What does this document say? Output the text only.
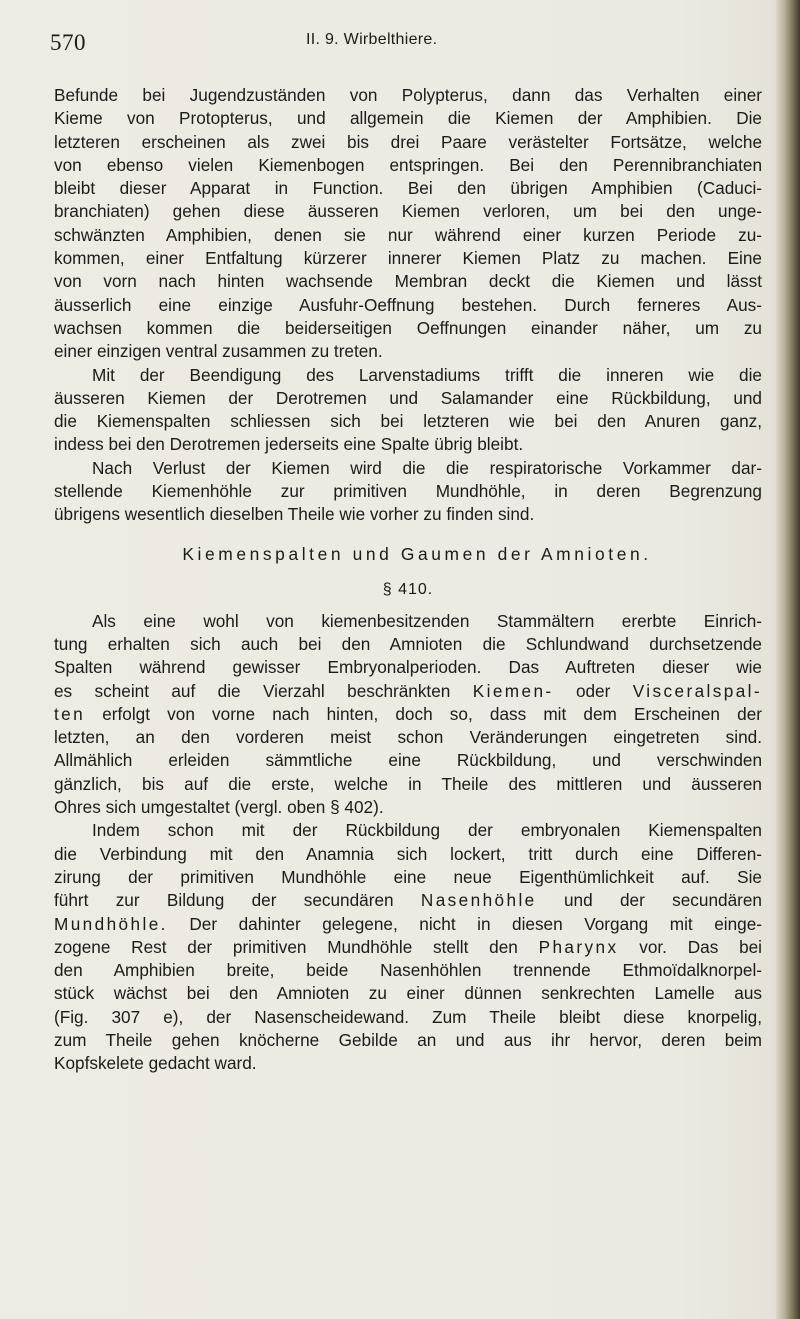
570	II. 9. Wirbelthiere.
Befunde bei Jugendzuständen von Polypterus, dann das Verhalten einer
Kieme von Protopterus, und allgemein die Kiemen der Amphibien. Die
letzteren erscheinen als zwei bis drei Paare verästelter Fortsätze, welche
von ebenso vielen Kiemenbogen entspringen. Bei den Perennibranchiaten
bleibt dieser Apparat in Function. Bei den übrigen Amphibien (Caduci-
branchiaten) gehen diese äusseren Kiemen verloren, um bei den unge-
schwänzten Amphibien, denen sie nur während einer kurzen Periode zu-
kommen, einer Entfaltung kürzerer innerer Kiemen Platz zu machen. Eine
von vorn nach hinten wachsende Membran deckt die Kiemen und lässt
äusserlich eine einzige Ausfuhr-Oeffnung bestehen. Durch ferneres Aus-
wachsen kommen die beiderseitigen Oeffnungen einander näher, um zu
einer einzigen ventral zusammen zu treten.
Mit der Beendigung des Larvenstadiums trifft die inneren wie die
äusseren Kiemen der Derotremen und Salamander eine Rückbildung, und
die Kiemenspalten schliessen sich bei letzteren wie bei den Anuren ganz,
indess bei den Derotremen jederseits eine Spalte übrig bleibt.
Nach Verlust der Kiemen wird die die respiratorische Vorkammer dar-
stellende Kiemenhöhle zur primitiven Mundhöhle, in deren Begrenzung
übrigens wesentlich dieselben Theile wie vorher zu finden sind.
Kiemenspalten und Gaumen der Amnioten.
§ 410.
Als eine wohl von kiemenbesitzenden Stammältern ererbte Einrich-
tung erhalten sich auch bei den Amnioten die Schlundwand durchsetzende
Spalten während gewisser Embryonalperioden. Das Auftreten dieser wie
es scheint auf die Vierzahl beschränkten Kiemen- oder Visceralspal-
ten erfolgt von vorne nach hinten, doch so, dass mit dem Erscheinen der
letzten, an den vorderen meist schon Veränderungen eingetreten sind.
Allmählich erleiden sämmtliche eine Rückbildung, und verschwinden
gänzlich, bis auf die erste, welche in Theile des mittleren und äusseren
Ohres sich umgestaltet (vergl. oben § 402).
Indem schon mit der Rückbildung der embryonalen Kiemenspalten
die Verbindung mit den Anamnia sich lockert, tritt durch eine Differen-
zirung der primitiven Mundhöhle eine neue Eigenthümlichkeit auf. Sie
führt zur Bildung der secundären Nasenhöhle und der secundären
Mundhöhle. Der dahinter gelegene, nicht in diesen Vorgang mit einge-
zogene Rest der primitiven Mundhöhle stellt den Pharynx vor. Das bei
den Amphibien breite, beide Nasenhöhlen trennende Ethmoïdalknorpel-
stück wächst bei den Amnioten zu einer dünnen senkrechten Lamelle aus
(Fig. 307 e), der Nasenscheidewand. Zum Theile bleibt diese knorpelig,
zum Theile gehen knöcherne Gebilde an und aus ihr hervor, deren beim
Kopfskelete gedacht ward.
